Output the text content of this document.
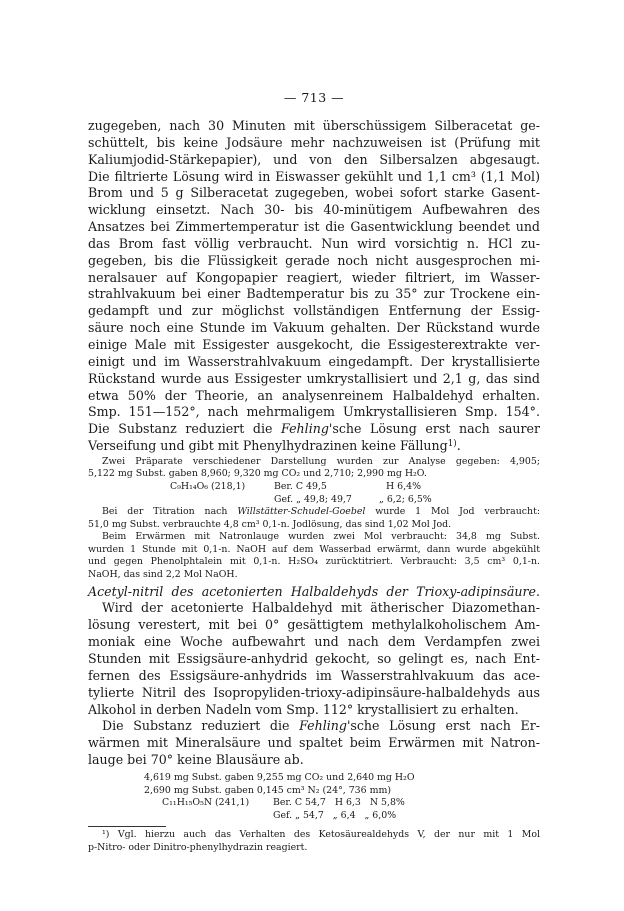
— 713 —
zugegeben, nach 30 Minuten mit überschüssigem Silberacetat ge-
schüttelt, bis keine Jodsäure mehr nachzuweisen ist (Prüfung mit
Kaliumjodid-Stärkepapier), und von den Silbersalzen abgesaugt.
Die filtrierte Lösung wird in Eiswasser gekühlt und 1,1 cm³ (1,1 Mol)
Brom und 5 g Silberacetat zugegeben, wobei sofort starke Gasent-
wicklung einsetzt. Nach 30- bis 40-minütigem Aufbewahren des
Ansatzes bei Zimmertemperatur ist die Gasentwicklung beendet und
das Brom fast völlig verbraucht. Nun wird vorsichtig n. HCl zu-
gegeben, bis die Flüssigkeit gerade noch nicht ausgesprochen mi-
neralsauer auf Kongopapier reagiert, wieder filtriert, im Wasser-
strahlvakuum bei einer Badtemperatur bis zu 35° zur Trockene ein-
gedampft und zur möglichst vollständigen Entfernung der Essig-
säure noch eine Stunde im Vakuum gehalten. Der Rückstand wurde
einige Male mit Essigester ausgekocht, die Essigesterextrakte ver-
einigt und im Wasserstrahlvakuum eingedampft. Der krystallisierte
Rückstand wurde aus Essigester umkrystallisiert und 2,1 g, das sind
etwa 50% der Theorie, an analysenreinem Halbaldehyd erhalten.
Smp. 151—152°, nach mehrmaligem Umkrystallisieren Smp. 154°.
Die Substanz reduziert die Fehling'sche Lösung erst nach saurer
Verseifung und gibt mit Phenylhydrazinen keine Fällung$^{1)}$.
Zwei Präparate verschiedener Darstellung wurden zur Analyse gegeben: 4,905;
5,122 mg Subst. gaben 8,960; 9,320 mg CO₂ und 2,710; 2,990 mg H₂O.
C₉H₁₄O₆ (218,1)	Ber. C 49,5	H 6,4%
Gef. „ 49,8; 49,7	„ 6,2; 6,5%
Bei der Titration nach Willstätter-Schudel-Goebel wurde 1 Mol Jod verbraucht:
51,0 mg Subst. verbrauchte 4,8 cm³ 0,1-n. Jodlösung, das sind 1,02 Mol Jod.
Beim Erwärmen mit Natronlauge wurden zwei Mol verbraucht: 34,8 mg Subst.
wurden 1 Stunde mit 0,1-n. NaOH auf dem Wasserbad erwärmt, dann wurde abgekühlt
und gegen Phenolphtalein mit 0,1-n. H₂SO₄ zurücktitriert. Verbraucht: 3,5 cm³ 0,1-n.
NaOH, das sind 2,2 Mol NaOH.
Acetyl-nitril des acetonierten Halbaldehyds der Trioxy-adipinsäure.
Wird der acetonierte Halbaldehyd mit ätherischer Diazomethan-
lösung verestert, mit bei 0° gesättigtem methylalkoholischem Am-
moniak eine Woche aufbewahrt und nach dem Verdampfen zwei
Stunden mit Essigsäure-anhydrid gekocht, so gelingt es, nach Ent-
fernen des Essigsäure-anhydrids im Wasserstrahlvakuum das ace-
tylierte Nitril des Isopropyliden-trioxy-adipinsäure-halbaldehyds aus
Alkohol in derben Nadeln vom Smp. 112° krystallisiert zu erhalten.
Die Substanz reduziert die Fehling'sche Lösung erst nach Er-
wärmen mit Mineralsäure und spaltet beim Erwärmen mit Natron-
lauge bei 70° keine Blausäure ab.
4,619 mg Subst. gaben 9,255 mg CO₂ und 2,640 mg H₂O
2,690 mg Subst. gaben 0,145 cm³ N₂ (24°, 736 mm)
C₁₁H₁₅O₅N (241,1)	Ber. C 54,7   H 6,3   N 5,8%
Gef. „ 54,7   „ 6,4   „ 6,0%
¹) Vgl. hierzu auch das Verhalten des Ketosäurealdehyds V, der nur mit 1 Mol
p-Nitro- oder Dinitro-phenylhydrazin reagiert.
